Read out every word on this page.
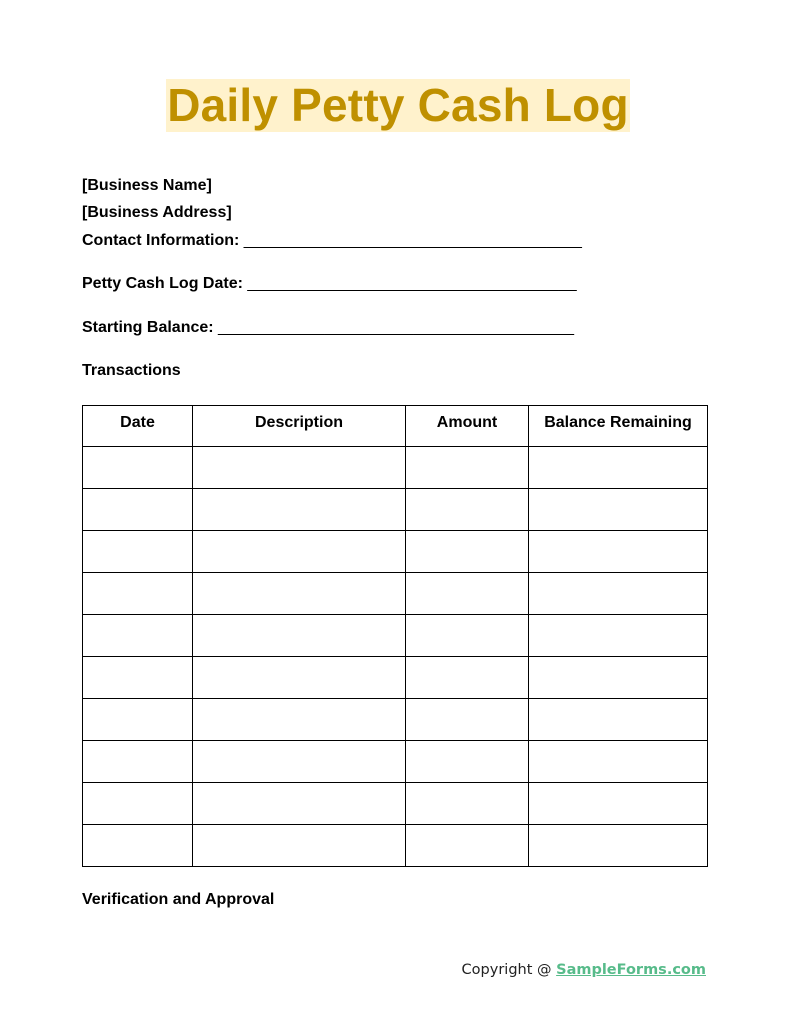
Daily Petty Cash Log
[Business Name]
[Business Address]
Contact Information: ______________________________________
Petty Cash Log Date: _____________________________________
Starting Balance: ________________________________________
Transactions
Date	Description	Amount	Balance Remaining

Verification and Approval
Copyright @ SampleForms.com
